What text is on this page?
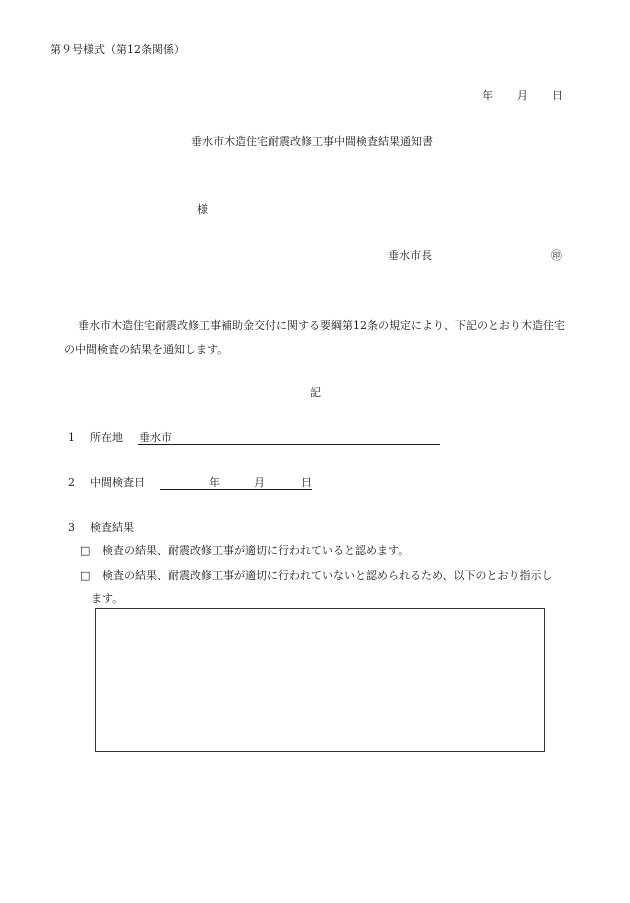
第９号様式（第12条関係）
年 月 日
垂水市木造住宅耐震改修工事中間検査結果通知書
様
垂水市長	㊞
垂水市木造住宅耐震改修工事補助金交付に関する要綱第12条の規定により、下記のとおり木造住宅
の中間検査の結果を通知します。
記
1 所在地 垂水市
2 中間検査日	年	月	日
3 検査結果
□ 検査の結果、耐震改修工事が適切に行われていると認めます。
□ 検査の結果、耐震改修工事が適切に行われていないと認められるため、以下のとおり指示し
ます。
